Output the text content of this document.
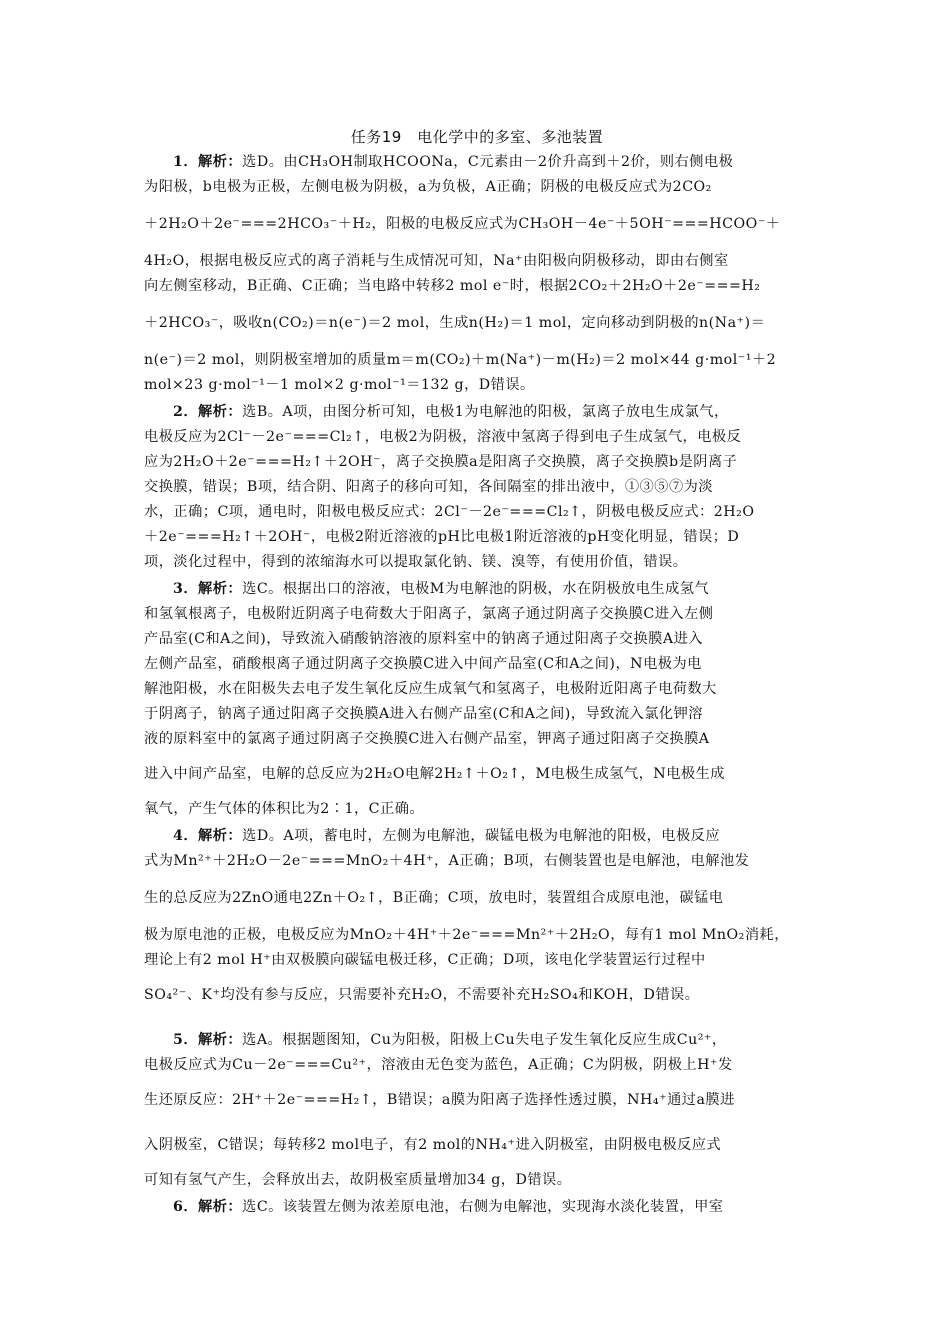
任务19　电化学中的多室、多池装置
1．解析：选D。由CH₃OH制取HCOONa，C元素由－2价升高到＋2价，则右侧电极
为阳极，b电极为正极，左侧电极为阴极，a为负极，A正确；阴极的电极反应式为2CO₂
＋2H₂O＋2e⁻===2HCO₃⁻＋H₂，阳极的电极反应式为CH₃OH－4e⁻＋5OH⁻===HCOO⁻＋
4H₂O，根据电极反应式的离子消耗与生成情况可知，Na⁺由阳极向阴极移动，即由右侧室
向左侧室移动，B正确、C正确；当电路中转移2 mol e⁻时，根据2CO₂＋2H₂O＋2e⁻===H₂
＋2HCO₃⁻，吸收n(CO₂)＝n(e⁻)＝2 mol，生成n(H₂)＝1 mol，定向移动到阴极的n(Na⁺)＝
n(e⁻)＝2 mol，则阴极室增加的质量m＝m(CO₂)＋m(Na⁺)－m(H₂)＝2 mol×44 g·mol⁻¹＋2
mol×23 g·mol⁻¹－1 mol×2 g·mol⁻¹＝132 g，D错误。
2．解析：选B。A项，由图分析可知，电极1为电解池的阳极，氯离子放电生成氯气，
电极反应为2Cl⁻－2e⁻===Cl₂↑，电极2为阴极，溶液中氢离子得到电子生成氢气，电极反
应为2H₂O＋2e⁻===H₂↑＋2OH⁻，离子交换膜a是阳离子交换膜，离子交换膜b是阴离子
交换膜，错误；B项，结合阴、阳离子的移向可知，各间隔室的排出液中，①③⑤⑦为淡
水，正确；C项，通电时，阳极电极反应式：2Cl⁻－2e⁻===Cl₂↑，阴极电极反应式：2H₂O
＋2e⁻===H₂↑＋2OH⁻，电极2附近溶液的pH比电极1附近溶液的pH变化明显，错误；D
项，淡化过程中，得到的浓缩海水可以提取氯化钠、镁、溴等，有使用价值，错误。
3．解析：选C。根据出口的溶液，电极M为电解池的阴极，水在阴极放电生成氢气
和氢氧根离子，电极附近阴离子电荷数大于阳离子，氯离子通过阴离子交换膜C进入左侧
产品室(C和A之间)，导致流入硝酸钠溶液的原料室中的钠离子通过阳离子交换膜A进入
左侧产品室，硝酸根离子通过阴离子交换膜C进入中间产品室(C和A之间)，N电极为电
解池阳极，水在阳极失去电子发生氧化反应生成氧气和氢离子，电极附近阳离子电荷数大
于阴离子，钠离子通过阳离子交换膜A进入右侧产品室(C和A之间)，导致流入氯化钾溶
液的原料室中的氯离子通过阴离子交换膜C进入右侧产品室，钾离子通过阳离子交换膜A
进入中间产品室，电解的总反应为2H₂O电解2H₂↑＋O₂↑，M电极生成氢气，N电极生成
氧气，产生气体的体积比为2∶1，C正确。
4．解析：选D。A项，蓄电时，左侧为电解池，碳锰电极为电解池的阳极，电极反应
式为Mn²⁺＋2H₂O－2e⁻===MnO₂＋4H⁺，A正确；B项，右侧装置也是电解池，电解池发
生的总反应为2ZnO通电2Zn＋O₂↑，B正确；C项，放电时，装置组合成原电池，碳锰电
极为原电池的正极，电极反应为MnO₂＋4H⁺＋2e⁻===Mn²⁺＋2H₂O，每有1 mol MnO₂消耗，
理论上有2 mol H⁺由双极膜向碳锰电极迁移，C正确；D项，该电化学装置运行过程中
SO₄²⁻、K⁺均没有参与反应，只需要补充H₂O，不需要补充H₂SO₄和KOH，D错误。
5．解析：选A。根据题图知，Cu为阳极，阳极上Cu失电子发生氧化反应生成Cu²⁺，
电极反应式为Cu－2e⁻===Cu²⁺，溶液由无色变为蓝色，A正确；C为阴极，阴极上H⁺发
生还原反应：2H⁺＋2e⁻===H₂↑，B错误；a膜为阳离子选择性透过膜，NH₄⁺通过a膜进
入阴极室，C错误；每转移2 mol电子，有2 mol的NH₄⁺进入阴极室，由阴极电极反应式
可知有氢气产生，会释放出去，故阴极室质量增加34 g，D错误。
6．解析：选C。该装置左侧为浓差原电池，右侧为电解池，实现海水淡化装置，甲室
